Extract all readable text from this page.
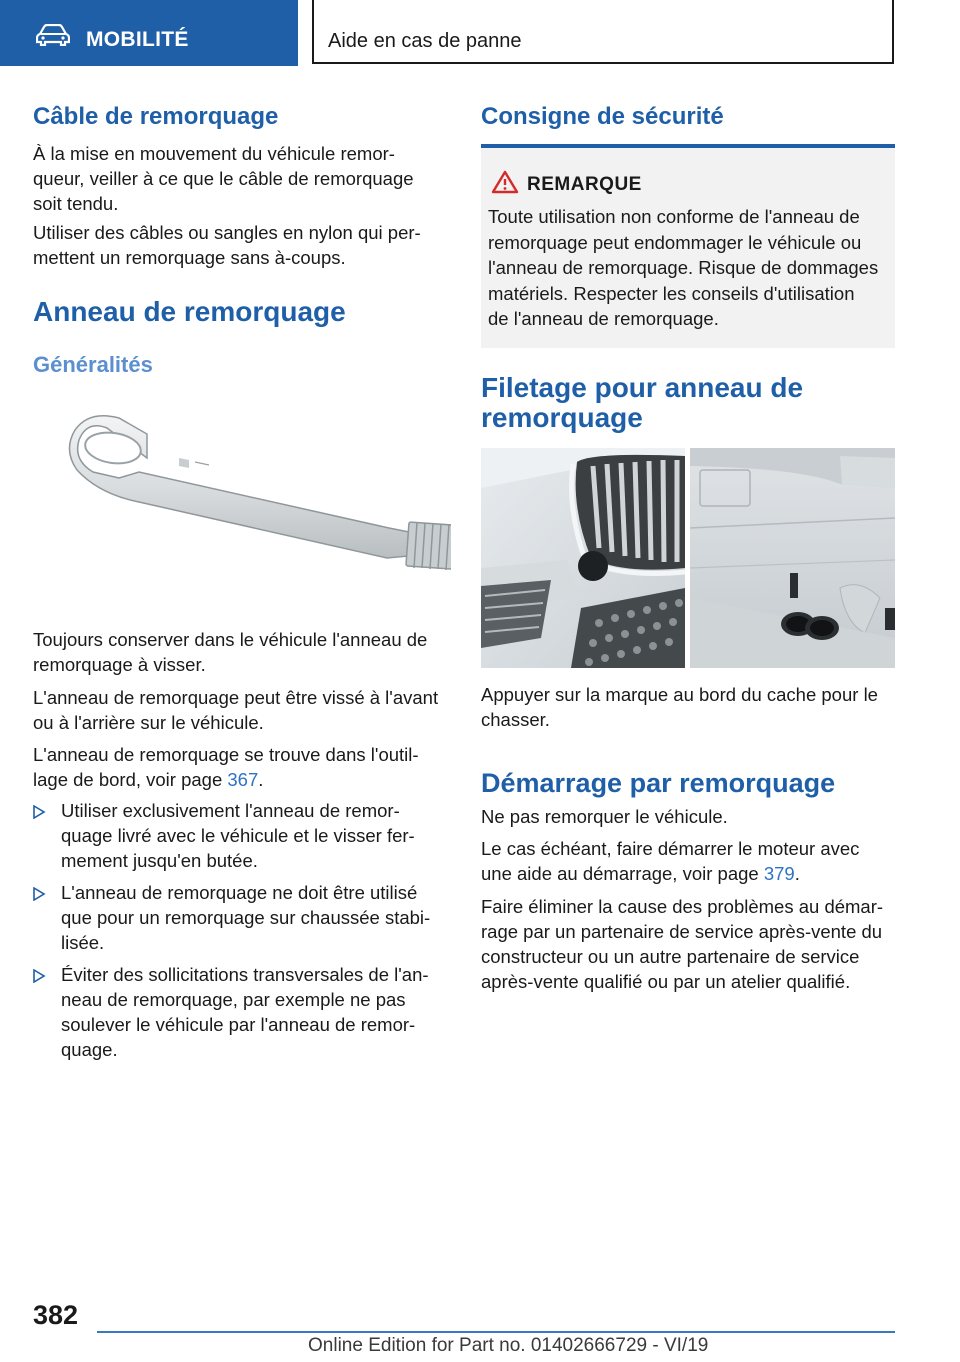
MOBILITÉ	Aide en cas de panne
Câble de remorquage

À la mise en mouvement du véhicule remor-
queur, veiller à ce que le câble de remorquage
soit tendu.

Utiliser des câbles ou sangles en nylon qui per-
mettent un remorquage sans à-coups.

Anneau de remorquage
Généralités

Toujours conserver dans le véhicule l'anneau de
remorquage à visser.

L'anneau de remorquage peut être vissé à l'avant
ou à l'arrière sur le véhicule.

L'anneau de remorquage se trouve dans l'outil-
lage de bord, voir page 367.

Utiliser exclusivement l'anneau de remor-
quage livré avec le véhicule et le visser fer-
mement jusqu'en butée.
L'anneau de remorquage ne doit être utilisé
que pour un remorquage sur chaussée stabi-
lisée.
Éviter des sollicitations transversales de l'an-
neau de remorquage, par exemple ne pas
soulever le véhicule par l'anneau de remor-
quage.
Consigne de sécurité
REMARQUE
Toute utilisation non conforme de l'anneau de
remorquage peut endommager le véhicule ou
l'anneau de remorquage. Risque de dommages
matériels. Respecter les conseils d'utilisation
de l'anneau de remorquage.
Filetage pour anneau de
remorquage

Appuyer sur la marque au bord du cache pour le
chasser.

Démarrage par remorquage

Ne pas remorquer le véhicule.

Le cas échéant, faire démarrer le moteur avec
une aide au démarrage, voir page 379.

Faire éliminer la cause des problèmes au démar-
rage par un partenaire de service après-vente du
constructeur ou un autre partenaire de service
après-vente qualifié ou par un atelier qualifié.

382
Online Edition for Part no. 01402666729 - VI/19
